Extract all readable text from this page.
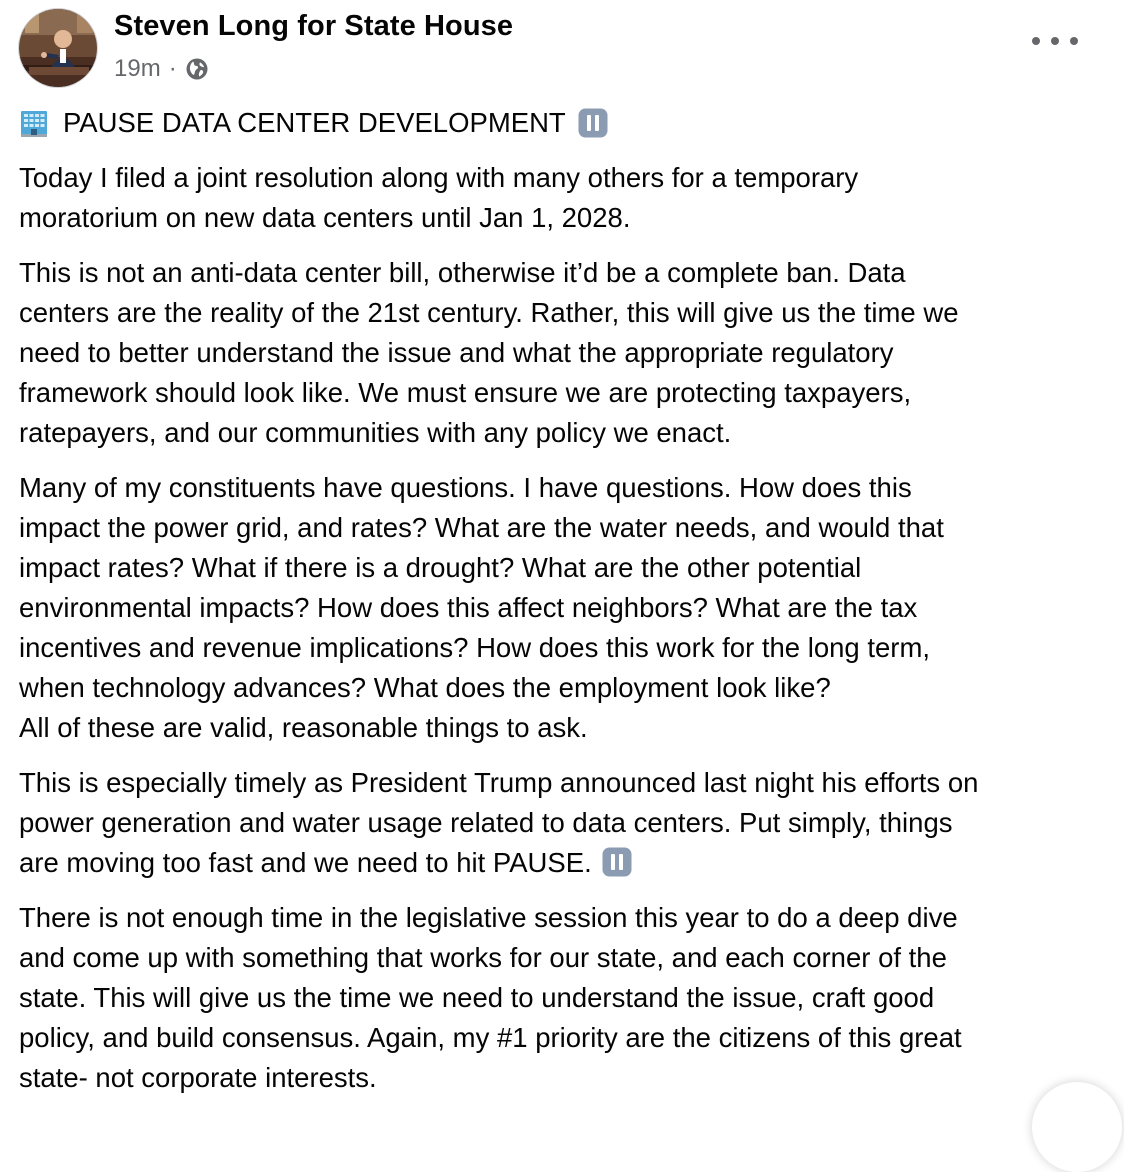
Steven Long for State House
19m ·
PAUSE DATA CENTER DEVELOPMENT

Today I filed a joint resolution along with many others for a temporary
moratorium on new data centers until Jan 1, 2028.

This is not an anti-data center bill, otherwise it’d be a complete ban. Data
centers are the reality of the 21st century. Rather, this will give us the time we
need to better understand the issue and what the appropriate regulatory
framework should look like. We must ensure we are protecting taxpayers,
ratepayers, and our communities with any policy we enact.

Many of my constituents have questions. I have questions. How does this
impact the power grid, and rates? What are the water needs, and would that
impact rates? What if there is a drought? What are the other potential
environmental impacts? How does this affect neighbors? What are the tax
incentives and revenue implications? How does this work for the long term,
when technology advances? What does the employment look like?
All of these are valid, reasonable things to ask.

This is especially timely as President Trump announced last night his efforts on
power generation and water usage related to data centers. Put simply, things
are moving too fast and we need to hit PAUSE.

There is not enough time in the legislative session this year to do a deep dive
and come up with something that works for our state, and each corner of the
state. This will give us the time we need to understand the issue, craft good
policy, and build consensus. Again, my #1 priority are the citizens of this great
state- not corporate interests.
